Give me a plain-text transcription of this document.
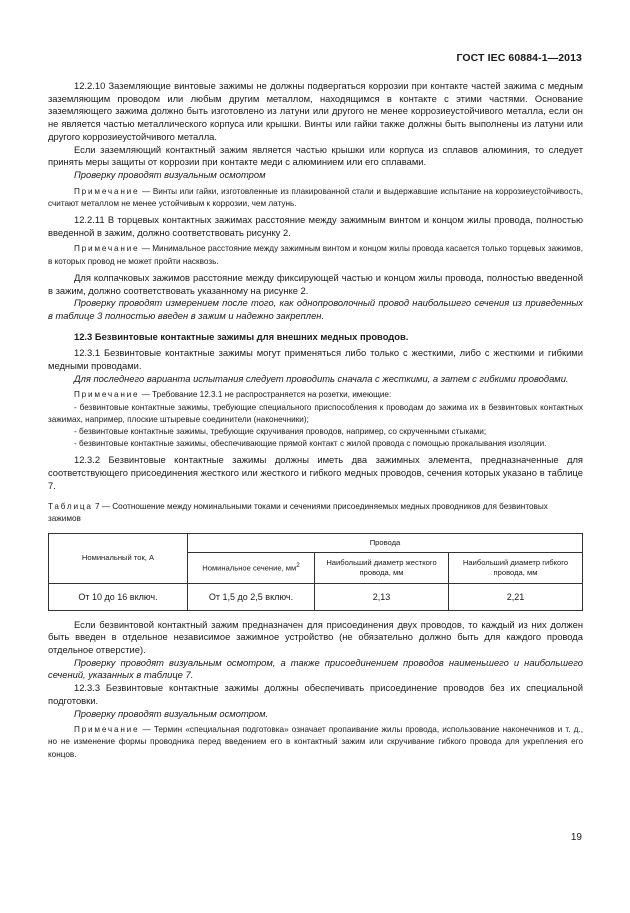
ГОСТ IEC 60884-1—2013

12.2.10 Заземляющие винтовые зажимы не должны подвергаться коррозии при контакте частей зажима с медным заземляющим проводом или любым другим металлом, находящимся в контакте с этими частями. Основание заземляющего зажима должно быть изготовлено из латуни или другого не менее коррозиеустойчивого металла, если он не является частью металлического корпуса или крышки. Винты или гайки также должны быть выполнены из латуни или другого коррозиеустойчивого металла.

Если заземляющий контактный зажим является частью крышки или корпуса из сплавов алюминия, то следует принять меры защиты от коррозии при контакте меди с алюминием или его сплавами.

Проверку проводят визуальным осмотром

Примечание — Винты или гайки, изготовленные из плакированной стали и выдержавшие испытание на коррозиеустойчивость, считают металлом не менее устойчивым к коррозии, чем латунь.

12.2.11 В торцевых контактных зажимах расстояние между зажимным винтом и концом жилы провода, полностью введенной в зажим, должно соответствовать рисунку 2.

Примечание — Минимальное расстояние между зажимным винтом и концом жилы провода касается только торцевых зажимов, в которых провод не может пройти насквозь.

Для колпачковых зажимов расстояние между фиксирующей частью и концом жилы провода, полностью введенной в зажим, должно соответствовать указанному на рисунке 2.

Проверку проводят измерением после того, как однопроволочный провод наибольшего сечения из приведенных в таблице 3 полностью введен в зажим и надежно закреплен.

12.3 Безвинтовые контактные зажимы для внешних медных проводов.

12.3.1 Безвинтовые контактные зажимы могут применяться либо только с жесткими, либо с жесткими и гибкими медными проводами.

Для последнего варианта испытания следует проводить сначала с жесткими, а затем с гибкими проводами.

Примечание — Требование 12.3.1 не распространяется на розетки, имеющие:

- безвинтовые контактные зажимы, требующие специального приспособления к проводам до зажима их в безвинтовых контактных зажимах, например, плоские штыревые соединители (наконечники);

- безвинтовые контактные зажимы, требующие скручивания проводов, например, со скрученными стыками;

- безвинтовые контактные зажимы, обеспечивающие прямой контакт с жилой провода с помощью прокалывания изоляции.

12.3.2 Безвинтовые контактные зажимы должны иметь два зажимных элемента, предназначенные для соответствующего присоединения жесткого или жесткого и гибкого медных проводов, сечения которых указано в таблице 7.

Таблица 7 — Соотношение между номинальными токами и сечениями присоединяемых медных проводников для безвинтовых зажимов

Номинальный ток, А	Провода		
	Номинальное сечение, $мм^2$	Наибольший диаметр жесткого провода, мм	Наибольший диаметр гибкого провода, мм
От 10 до 16 включ.	От 1,5 до 2,5 включ.	2,13	2,21

Если безвинтовой контактный зажим предназначен для присоединения двух проводов, то каждый из них должен быть введен в отдельное независимое зажимное устройство (не обязательно должно быть для каждого провода отдельное отверстие).

Проверку проводят визуальным осмотром, а также присоединением проводов наименьшего и наибольшего сечений, указанных в таблице 7.

12.3.3 Безвинтовые контактные зажимы должны обеспечивать присоединение проводов без их специальной подготовки.

Проверку проводят визуальным осмотром.

Примечание — Термин «специальная подготовка» означает пропаивание жилы провода, использование наконечников и т. д., но не изменение формы проводника перед введением его в контактный зажим или скручивание гибкого провода для укрепления его концов.

19
